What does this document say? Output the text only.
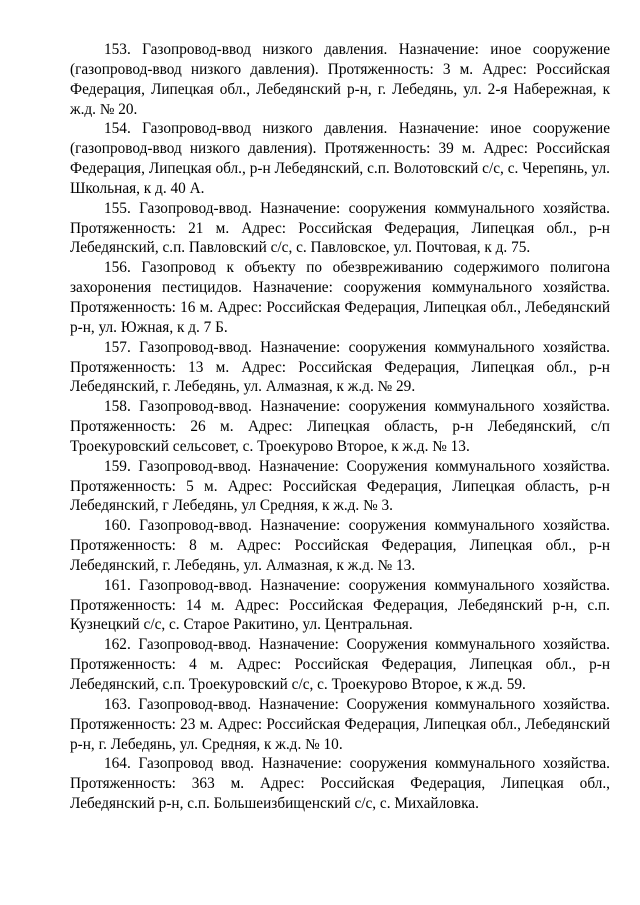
153. Газопровод-ввод низкого давления. Назначение: иное сооружение (газопровод-ввод низкого давления). Протяженность: 3 м. Адрес: Российская Федерация, Липецкая обл., Лебедянский р-н, г. Лебедянь, ул. 2-я Набережная, к ж.д. № 20.

154. Газопровод-ввод низкого давления. Назначение: иное сооружение (газопровод-ввод низкого давления). Протяженность: 39 м. Адрес: Российская Федерация, Липецкая обл., р-н Лебедянский, с.п. Волотовский с/с, с. Черепянь, ул. Школьная, к д. 40 А.

155. Газопровод-ввод. Назначение: сооружения коммунального хозяйства. Протяженность: 21 м. Адрес: Российская Федерация, Липецкая обл., р-н Лебедянский, с.п. Павловский с/с, с. Павловское, ул. Почтовая, к д. 75.

156. Газопровод к объекту по обезвреживанию содержимого полигона захоронения пестицидов. Назначение: сооружения коммунального хозяйства. Протяженность: 16 м. Адрес: Российская Федерация, Липецкая обл., Лебедянский р-н, ул. Южная, к д. 7 Б.

157. Газопровод-ввод. Назначение: сооружения коммунального хозяйства. Протяженность: 13 м. Адрес: Российская Федерация, Липецкая обл., р-н Лебедянский, г. Лебедянь, ул. Алмазная, к ж.д. № 29.

158. Газопровод-ввод. Назначение: сооружения коммунального хозяйства. Протяженность: 26 м. Адрес: Липецкая область, р-н Лебедянский, с/п Троекуровский сельсовет, с. Троекурово Второе, к ж.д. № 13.

159. Газопровод-ввод. Назначение: Сооружения коммунального хозяйства. Протяженность: 5 м. Адрес: Российская Федерация, Липецкая область, р-н Лебедянский, г Лебедянь, ул Средняя, к ж.д. № 3.

160. Газопровод-ввод. Назначение: сооружения коммунального хозяйства. Протяженность: 8 м. Адрес: Российская Федерация, Липецкая обл., р-н Лебедянский, г. Лебедянь, ул. Алмазная, к ж.д. № 13.

161. Газопровод-ввод. Назначение: сооружения коммунального хозяйства. Протяженность: 14 м. Адрес: Российская Федерация, Лебедянский р-н, с.п. Кузнецкий с/с, с. Старое Ракитино, ул. Центральная.

162. Газопровод-ввод. Назначение: Сооружения коммунального хозяйства. Протяженность: 4 м. Адрес: Российская Федерация, Липецкая обл., р-н Лебедянский, с.п. Троекуровский с/с, с. Троекурово Второе, к ж.д. 59.

163. Газопровод-ввод. Назначение: Сооружения коммунального хозяйства. Протяженность: 23 м. Адрес: Российская Федерация, Липецкая обл., Лебедянский р-н, г. Лебедянь, ул. Средняя, к ж.д. № 10.

164. Газопровод ввод. Назначение: сооружения коммунального хозяйства. Протяженность: 363 м. Адрес: Российская Федерация, Липецкая обл., Лебедянский р-н, с.п. Большеизбищенский с/с, с. Михайловка.
